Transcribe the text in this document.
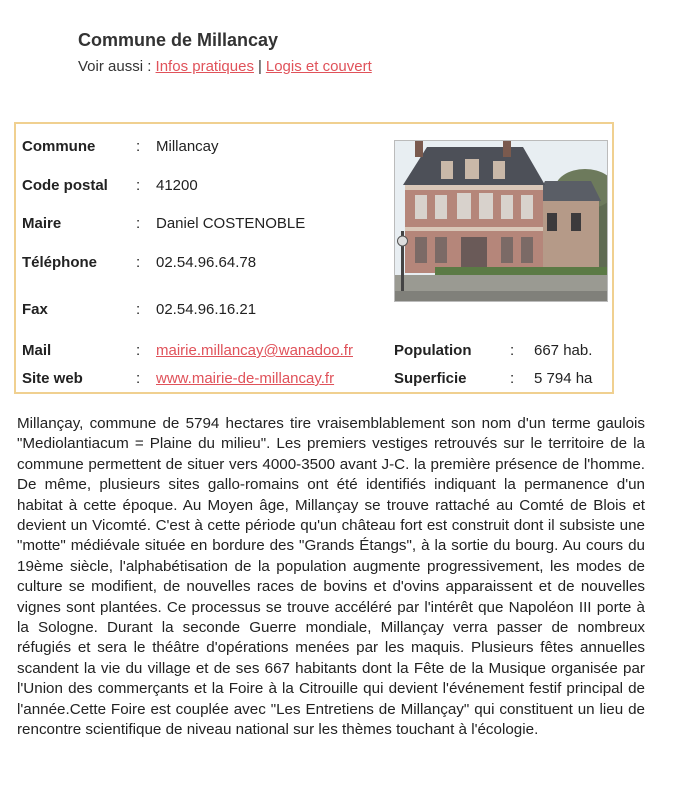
Commune de Millancay
Voir aussi : Infos pratiques | Logis et couvert
Commune	: Millancay
Code postal : 41200
Maire	: Daniel COSTENOBLE
Téléphone	: 02.54.96.64.78
Fax	: 02.54.96.16.21
Mail	: mairie.millancay@wanadoo.fr
Site web	: www.mairie-de-millancay.fr
Population	: 667 hab.
Superficie	: 5 794 ha
Millançay, commune de 5794 hectares tire vraisemblablement son nom d'un terme gaulois "Mediolantiacum = Plaine du milieu". Les premiers vestiges retrouvés sur le territoire de la commune permettent de situer vers 4000-3500 avant J-C. la première présence de l'homme. De même, plusieurs sites gallo-romains ont été identifiés indiquant la permanence d'un habitat à cette époque. Au Moyen âge, Millançay se trouve rattaché au Comté de Blois et devient un Vicomté. C'est à cette période qu'un château fort est construit dont il subsiste une "motte" médiévale située en bordure des "Grands Étangs", à la sortie du bourg. Au cours du 19ème siècle, l'alphabétisation de la population augmente progressivement, les modes de culture se modifient, de nouvelles races de bovins et d'ovins apparaissent et de nouvelles vignes sont plantées. Ce processus se trouve accéléré par l'intérêt que Napoléon III porte à la Sologne. Durant la seconde Guerre mondiale, Millançay verra passer de nombreux réfugiés et sera le théâtre d'opérations menées par les maquis. Plusieurs fêtes annuelles scandent la vie du village et de ses 667 habitants dont la Fête de la Musique organisée par l'Union des commerçants et la Foire à la Citrouille qui devient l'événement festif principal de l'année.Cette Foire est couplée avec "Les Entretiens de Millançay" qui constituent un lieu de rencontre scientifique de niveau national sur les thèmes touchant à l'écologie.
